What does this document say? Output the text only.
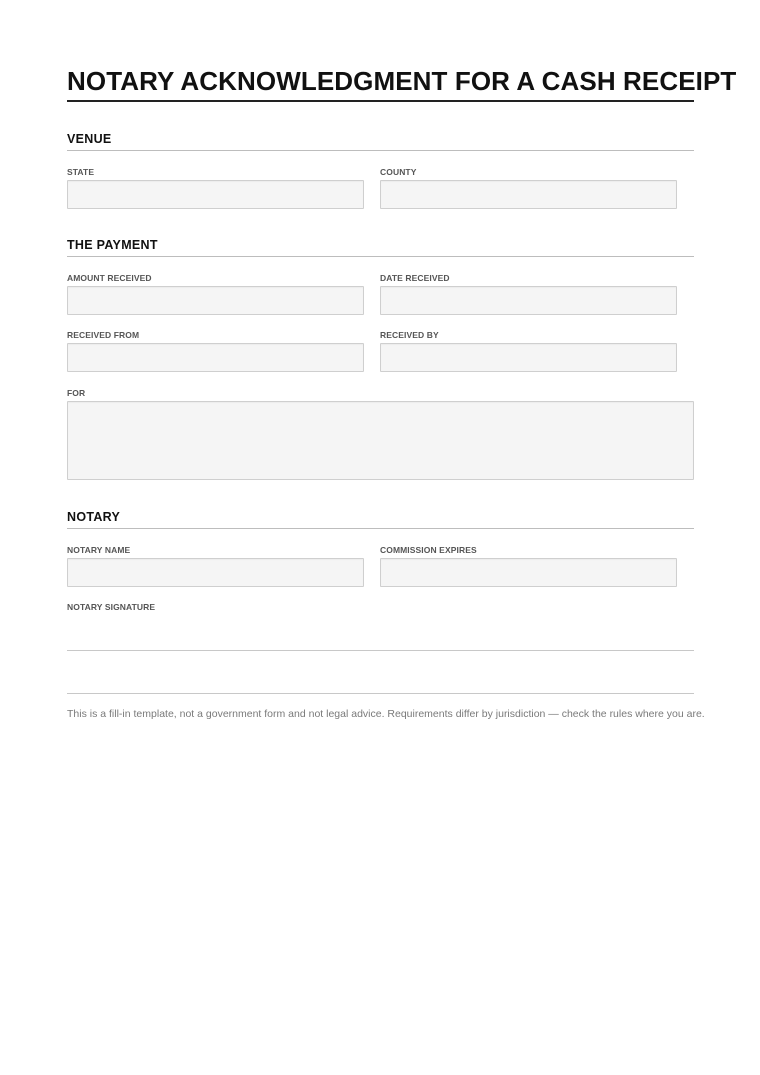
NOTARY ACKNOWLEDGMENT FOR A CASH RECEIPT
VENUE
STATE	COUNTY
THE PAYMENT
AMOUNT RECEIVED	DATE RECEIVED
RECEIVED FROM	RECEIVED BY
FOR
NOTARY
NOTARY NAME	COMMISSION EXPIRES
NOTARY SIGNATURE
This is a fill-in template, not a government form and not legal advice. Requirements differ by jurisdiction — check the rules where you are.
